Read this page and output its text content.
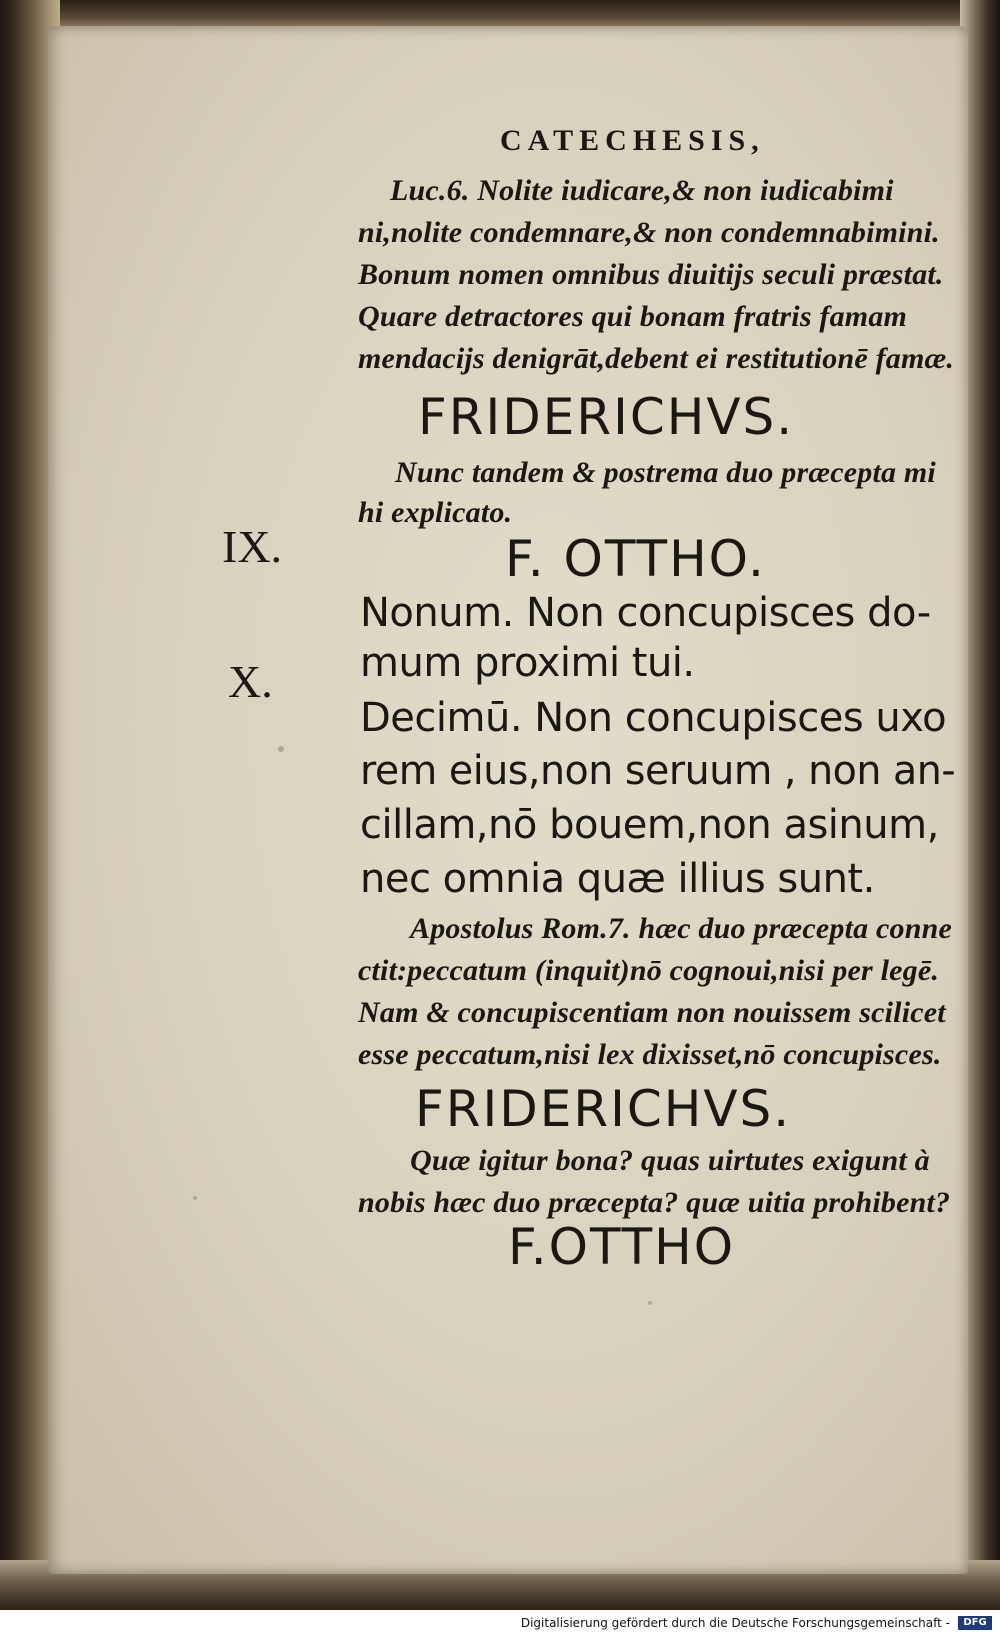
CATECHESIS,
Luc.6. Nolite iudicare,& non iudicabimi
ni,nolite condemnare,& non condemnabimini.
Bonum nomen omnibus diuitijs seculi præstat.
Quare detractores qui bonam fratris famam
mendacijs denigrāt,debent ei restitutionē famæ.
FRIDERICHVS.
Nunc tandem & postrema duo præcepta mi
hi explicato.
IX.
X.
F. OTTHO.
Nonum. Non concupisces do-
mum proximi tui.
Decimū. Non concupisces uxo
rem eius,non seruum , non an-
cillam,nō bouem,non asinum,
nec omnia quæ illius sunt.
Apostolus Rom.7. hæc duo præcepta conne
ctit:peccatum (inquit)nō cognoui,nisi per legē.
Nam & concupiscentiam non nouissem scilicet
esse peccatum,nisi lex dixisset,nō concupisces.
FRIDERICHVS.
Quæ igitur bona? quas uirtutes exigunt à
nobis hæc duo præcepta? quæ uitia prohibent?
F.OTTHO
Digitalisierung gefördert durch die Deutsche Forschungsgemeinschaft -	DFG
